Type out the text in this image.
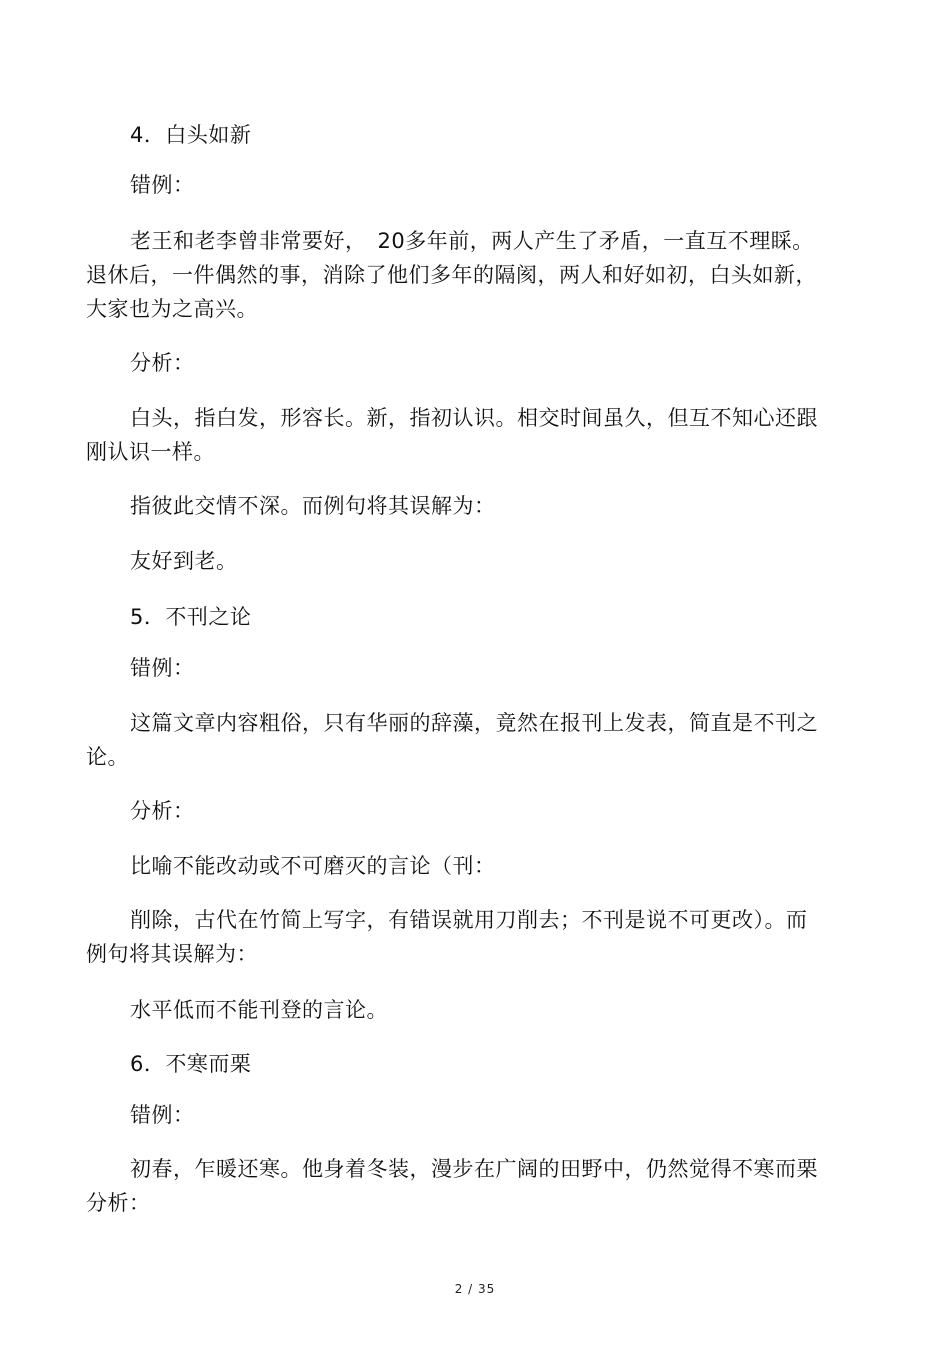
4．白头如新

错例：

老王和老李曾非常要好，　20多年前，两人产生了矛盾，一直互不理睬。退休后，一件偶然的事，消除了他们多年的隔阂，两人和好如初，白头如新，大家也为之高兴。

分析：

白头，指白发，形容长。新，指初认识。相交时间虽久，但互不知心还跟刚认识一样。

指彼此交情不深。而例句将其误解为：

友好到老。

5．不刊之论

错例：

这篇文章内容粗俗，只有华丽的辞藻，竟然在报刊上发表，简直是不刊之论。

分析：

比喻不能改动或不可磨灭的言论（刊：

削除，古代在竹简上写字，有错误就用刀削去；不刊是说不可更改）。而例句将其误解为：

水平低而不能刊登的言论。

6．不寒而栗

错例：

初春，乍暖还寒。他身着冬装，漫步在广阔的田野中，仍然觉得不寒而栗分析：

2 / 35
